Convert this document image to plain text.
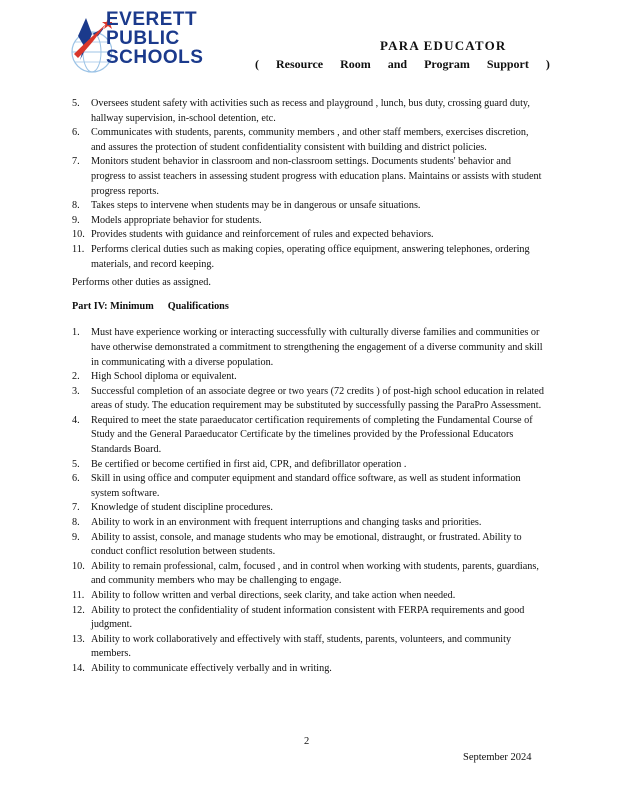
EVERETT
PUBLIC
SCHOOLS
PARA EDUCATOR
( Resource Room and Program Support )
5. Oversees student safety with activities such as recess and playground , lunch, bus duty, crossing guard duty, hallway supervision, in-school detention, etc.
6. Communicates with students, parents, community members , and other staff members, exercises discretion, and assures the protection of student confidentiality consistent with building and district policies.
7. Monitors student behavior in classroom and non-classroom settings. Documents students' behavior and progress to assist teachers in assessing student progress with education plans. Maintains or assists with student progress reports.
8. Takes steps to intervene when students may be in dangerous or unsafe situations.
9. Models appropriate behavior for students.
10. Provides students with guidance and reinforcement of rules and expected behaviors.
11. Performs clerical duties such as making copies, operating office equipment, answering telephones, ordering materials, and record keeping.

Performs other duties as assigned.

Part IV: Minimum Qualifications
1. Must have experience working or interacting successfully with culturally diverse families and communities or have otherwise demonstrated a commitment to strengthening the engagement of a diverse community and skill in communicating with a diverse population.
2. High School diploma or equivalent.
3. Successful completion of an associate degree or two years (72 credits ) of post-high school education in related areas of study. The education requirement may be substituted by successfully passing the ParaPro Assessment.
4. Required to meet the state paraeducator certification requirements of completing the Fundamental Course of Study and the General Paraeducator Certificate by the timelines provided by the Professional Educators Standards Board.
5. Be certified or become certified in first aid, CPR, and defibrillator operation .
6. Skill in using office and computer equipment and standard office software, as well as student information system software.
7. Knowledge of student discipline procedures.
8. Ability to work in an environment with frequent interruptions and changing tasks and priorities.
9. Ability to assist, console, and manage students who may be emotional, distraught, or frustrated. Ability to conduct conflict resolution between students.
10. Ability to remain professional, calm, focused , and in control when working with students, parents, guardians, and community members who may be challenging to engage.
11. Ability to follow written and verbal directions, seek clarity, and take action when needed.
12. Ability to protect the confidentiality of student information consistent with FERPA requirements and good judgment.
13. Ability to work collaboratively and effectively with staff, students, parents, volunteers, and community members.
14. Ability to communicate effectively verbally and in writing.
2
September 2024
